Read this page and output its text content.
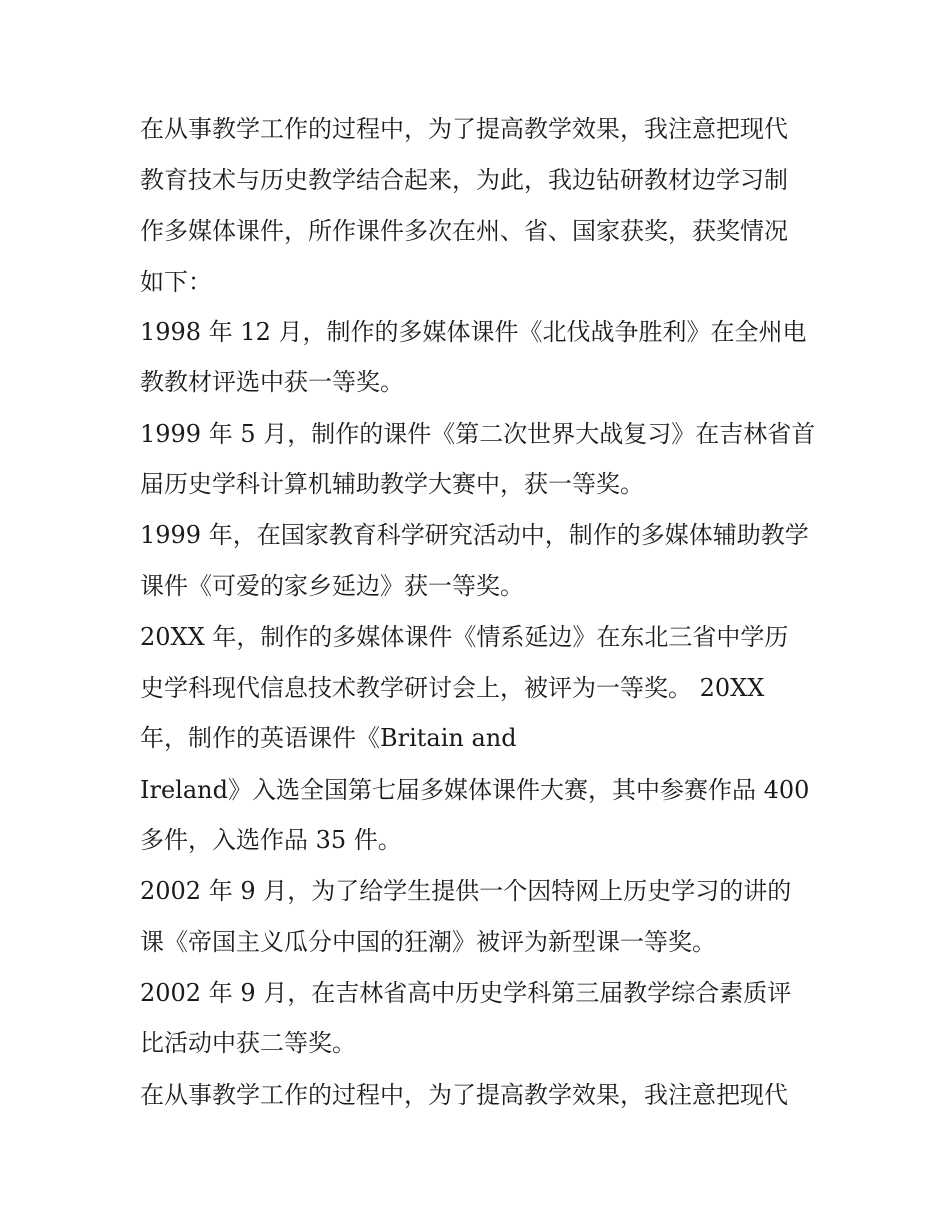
在从事教学工作的过程中，为了提高教学效果，我注意把现代
教育技术与历史教学结合起来，为此，我边钻研教材边学习制
作多媒体课件，所作课件多次在州、省、国家获奖，获奖情况
如下：
1998 年 12 月，制作的多媒体课件《北伐战争胜利》在全州电
教教材评选中获一等奖。
1999 年 5 月，制作的课件《第二次世界大战复习》在吉林省首
届历史学科计算机辅助教学大赛中，获一等奖。
1999 年，在国家教育科学研究活动中，制作的多媒体辅助教学
课件《可爱的家乡延边》获一等奖。
20XX 年，制作的多媒体课件《情系延边》在东北三省中学历
史学科现代信息技术教学研讨会上，被评为一等奖。 20XX
年，制作的英语课件《Britain and
Ireland》入选全国第七届多媒体课件大赛，其中参赛作品 400
多件，入选作品 35 件。
2002 年 9 月，为了给学生提供一个因特网上历史学习的讲的
课《帝国主义瓜分中国的狂潮》被评为新型课一等奖。
2002 年 9 月，在吉林省高中历史学科第三届教学综合素质评
比活动中获二等奖。
在从事教学工作的过程中，为了提高教学效果，我注意把现代
